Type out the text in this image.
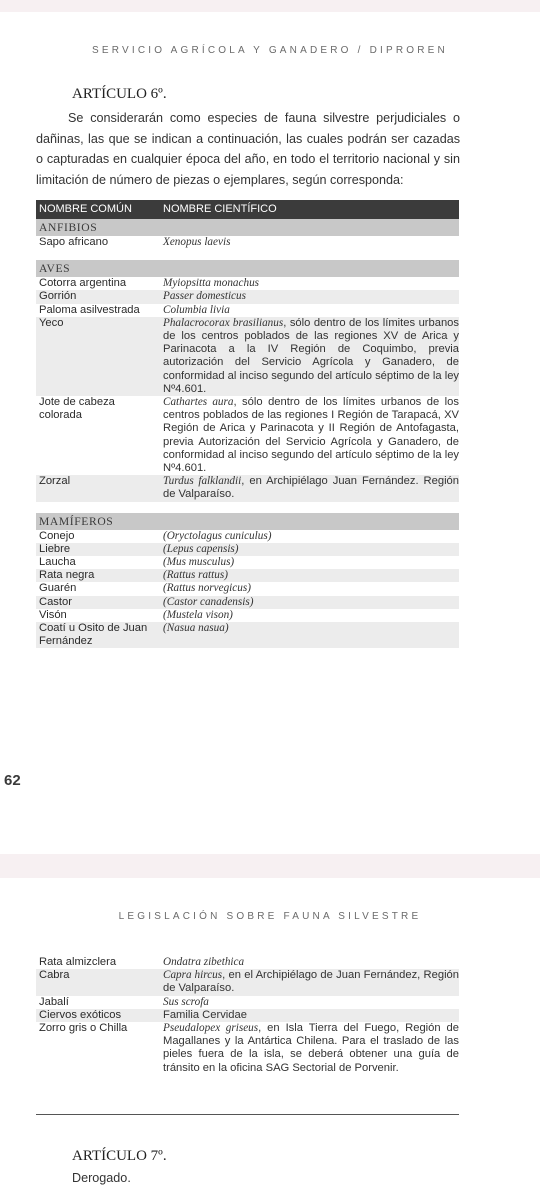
SERVICIO AGRÍCOLA Y GANADERO / DIPROREN
ARTÍCULO 6º.
Se considerarán como especies de fauna silvestre perjudiciales o dañinas, las que se indican a continuación, las cuales podrán ser cazadas o capturadas en cualquier época del año, en todo el territorio nacional y sin limitación de número de piezas o ejemplares, según corresponda:
NOMBRE COMÚN	NOMBRE CIENTÍFICO
ANFIBIOS	
Sapo africano	Xenopus laevis

AVES	
Cotorra argentina	Myiopsitta monachus
Gorrión	Passer domesticus
Paloma asilvestrada	Columbia livia
Yeco	Phalacrocorax brasilianus, sólo dentro de los límites urbanos de los centros poblados de las regiones XV de Arica y Parinacota a la IV Región de Coquimbo, previa autorización del Servicio Agrícola y Ganadero, de conformidad al inciso segundo del artículo séptimo de la ley Nº4.601.
Jote de cabeza colorada	Cathartes aura, sólo dentro de los límites urbanos de los centros poblados de las regiones I Región de Tarapacá, XV Región de Arica y Parinacota y II Región de Antofagasta, previa Autorización del Servicio Agrícola y Ganadero, de conformidad al inciso segundo del artículo séptimo de la ley Nº4.601.
Zorzal	Turdus falklandii, en Archipiélago Juan Fernández. Región de Valparaíso.

MAMÍFEROS	
Conejo	(Oryctolagus cuniculus)
Liebre	(Lepus capensis)
Laucha	(Mus musculus)
Rata negra	(Rattus rattus)
Guarén	(Rattus norvegicus)
Castor	(Castor canadensis)
Visón	(Mustela vison)
Coatí u Osito de Juan Fernández	(Nasua nasua)
62
LEGISLACIÓN SOBRE FAUNA SILVESTRE
Rata almizclera	Ondatra zibethica
Cabra	Capra hircus, en el Archipiélago de Juan Fernández, Región de Valparaíso.
Jabalí	Sus scrofa
Ciervos exóticos	Familia Cervidae
Zorro gris o Chilla	Pseudalopex griseus, en Isla Tierra del Fuego, Región de Magallanes y la Antártica Chilena. Para el traslado de las pieles fuera de la isla, se deberá obtener una guía de tránsito en la oficina SAG Sectorial de Porvenir.
ARTÍCULO 7º.
Derogado.
